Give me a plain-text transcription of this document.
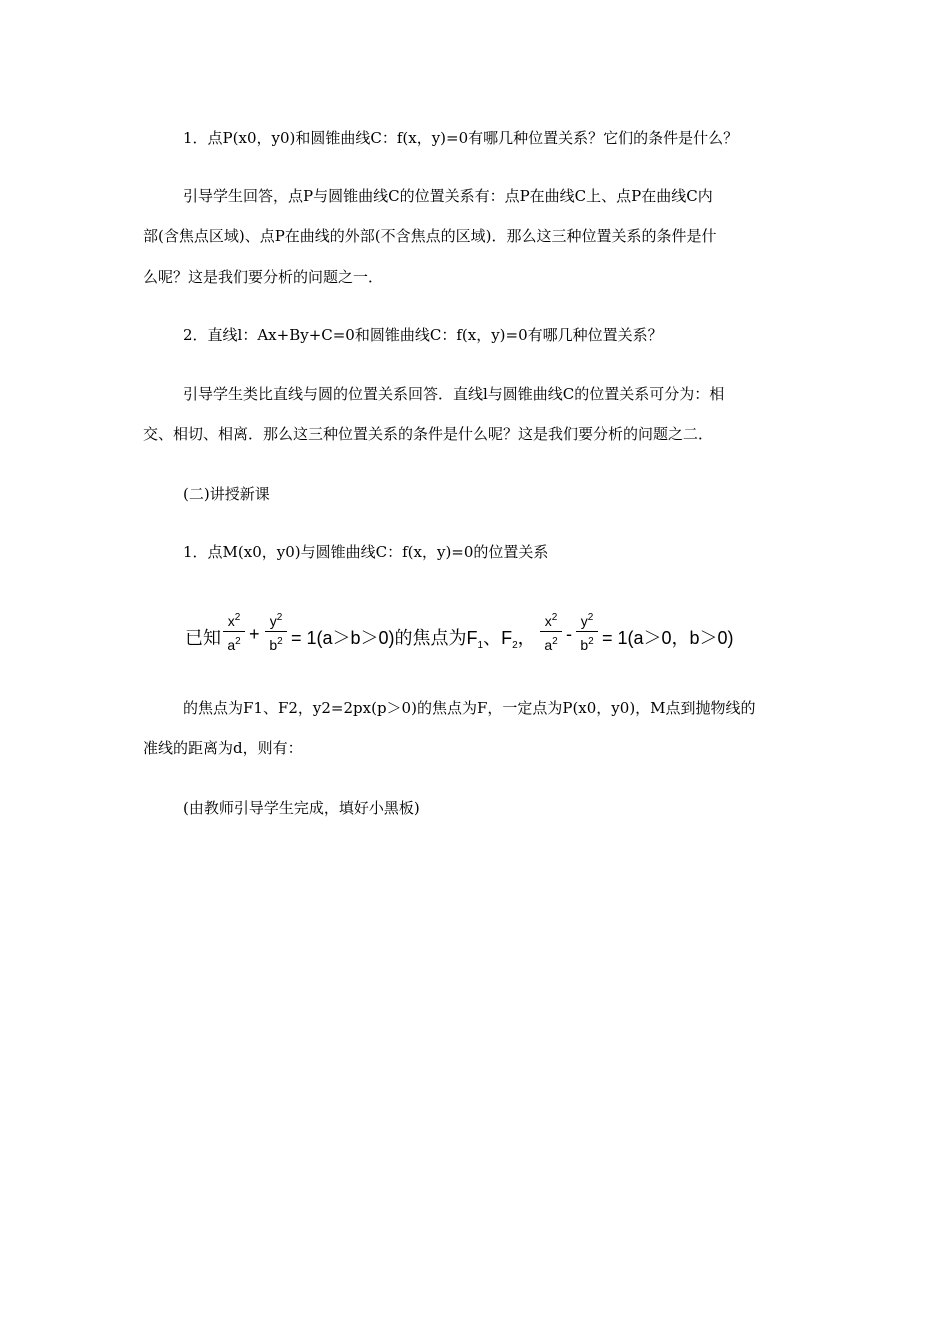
1．点P(x0，y0)和圆锥曲线C：f(x，y)=0有哪几种位置关系？它们的条件是什么？
引导学生回答，点P与圆锥曲线C的位置关系有：点P在曲线C上、点P在曲线C内
部(含焦点区域)、点P在曲线的外部(不含焦点的区域)．那么这三种位置关系的条件是什
么呢？这是我们要分析的问题之一．
2．直线l：Ax+By+C=0和圆锥曲线C：f(x，y)=0有哪几种位置关系？
引导学生类比直线与圆的位置关系回答．直线l与圆锥曲线C的位置关系可分为：相
交、相切、相离．那么这三种位置关系的条件是什么呢？这是我们要分析的问题之二．
(二)讲授新课
1．点M(x0，y0)与圆锥曲线C：f(x，y)=0的位置关系
已知
$x^2$
$a^2$ +
$y^2$
$b^2 = 1(a>b>0)$的焦点为$F_1$、$F_2$，
$x^2$
$a^2$ -
$y^2$
$b^2 = 1(a>0$，b＞0)
的焦点为F1、F2，y2=2px(p＞0)的焦点为F，一定点为P(x0，y0)，M点到抛物线的
准线的距离为d，则有：
(由教师引导学生完成，填好小黑板)
